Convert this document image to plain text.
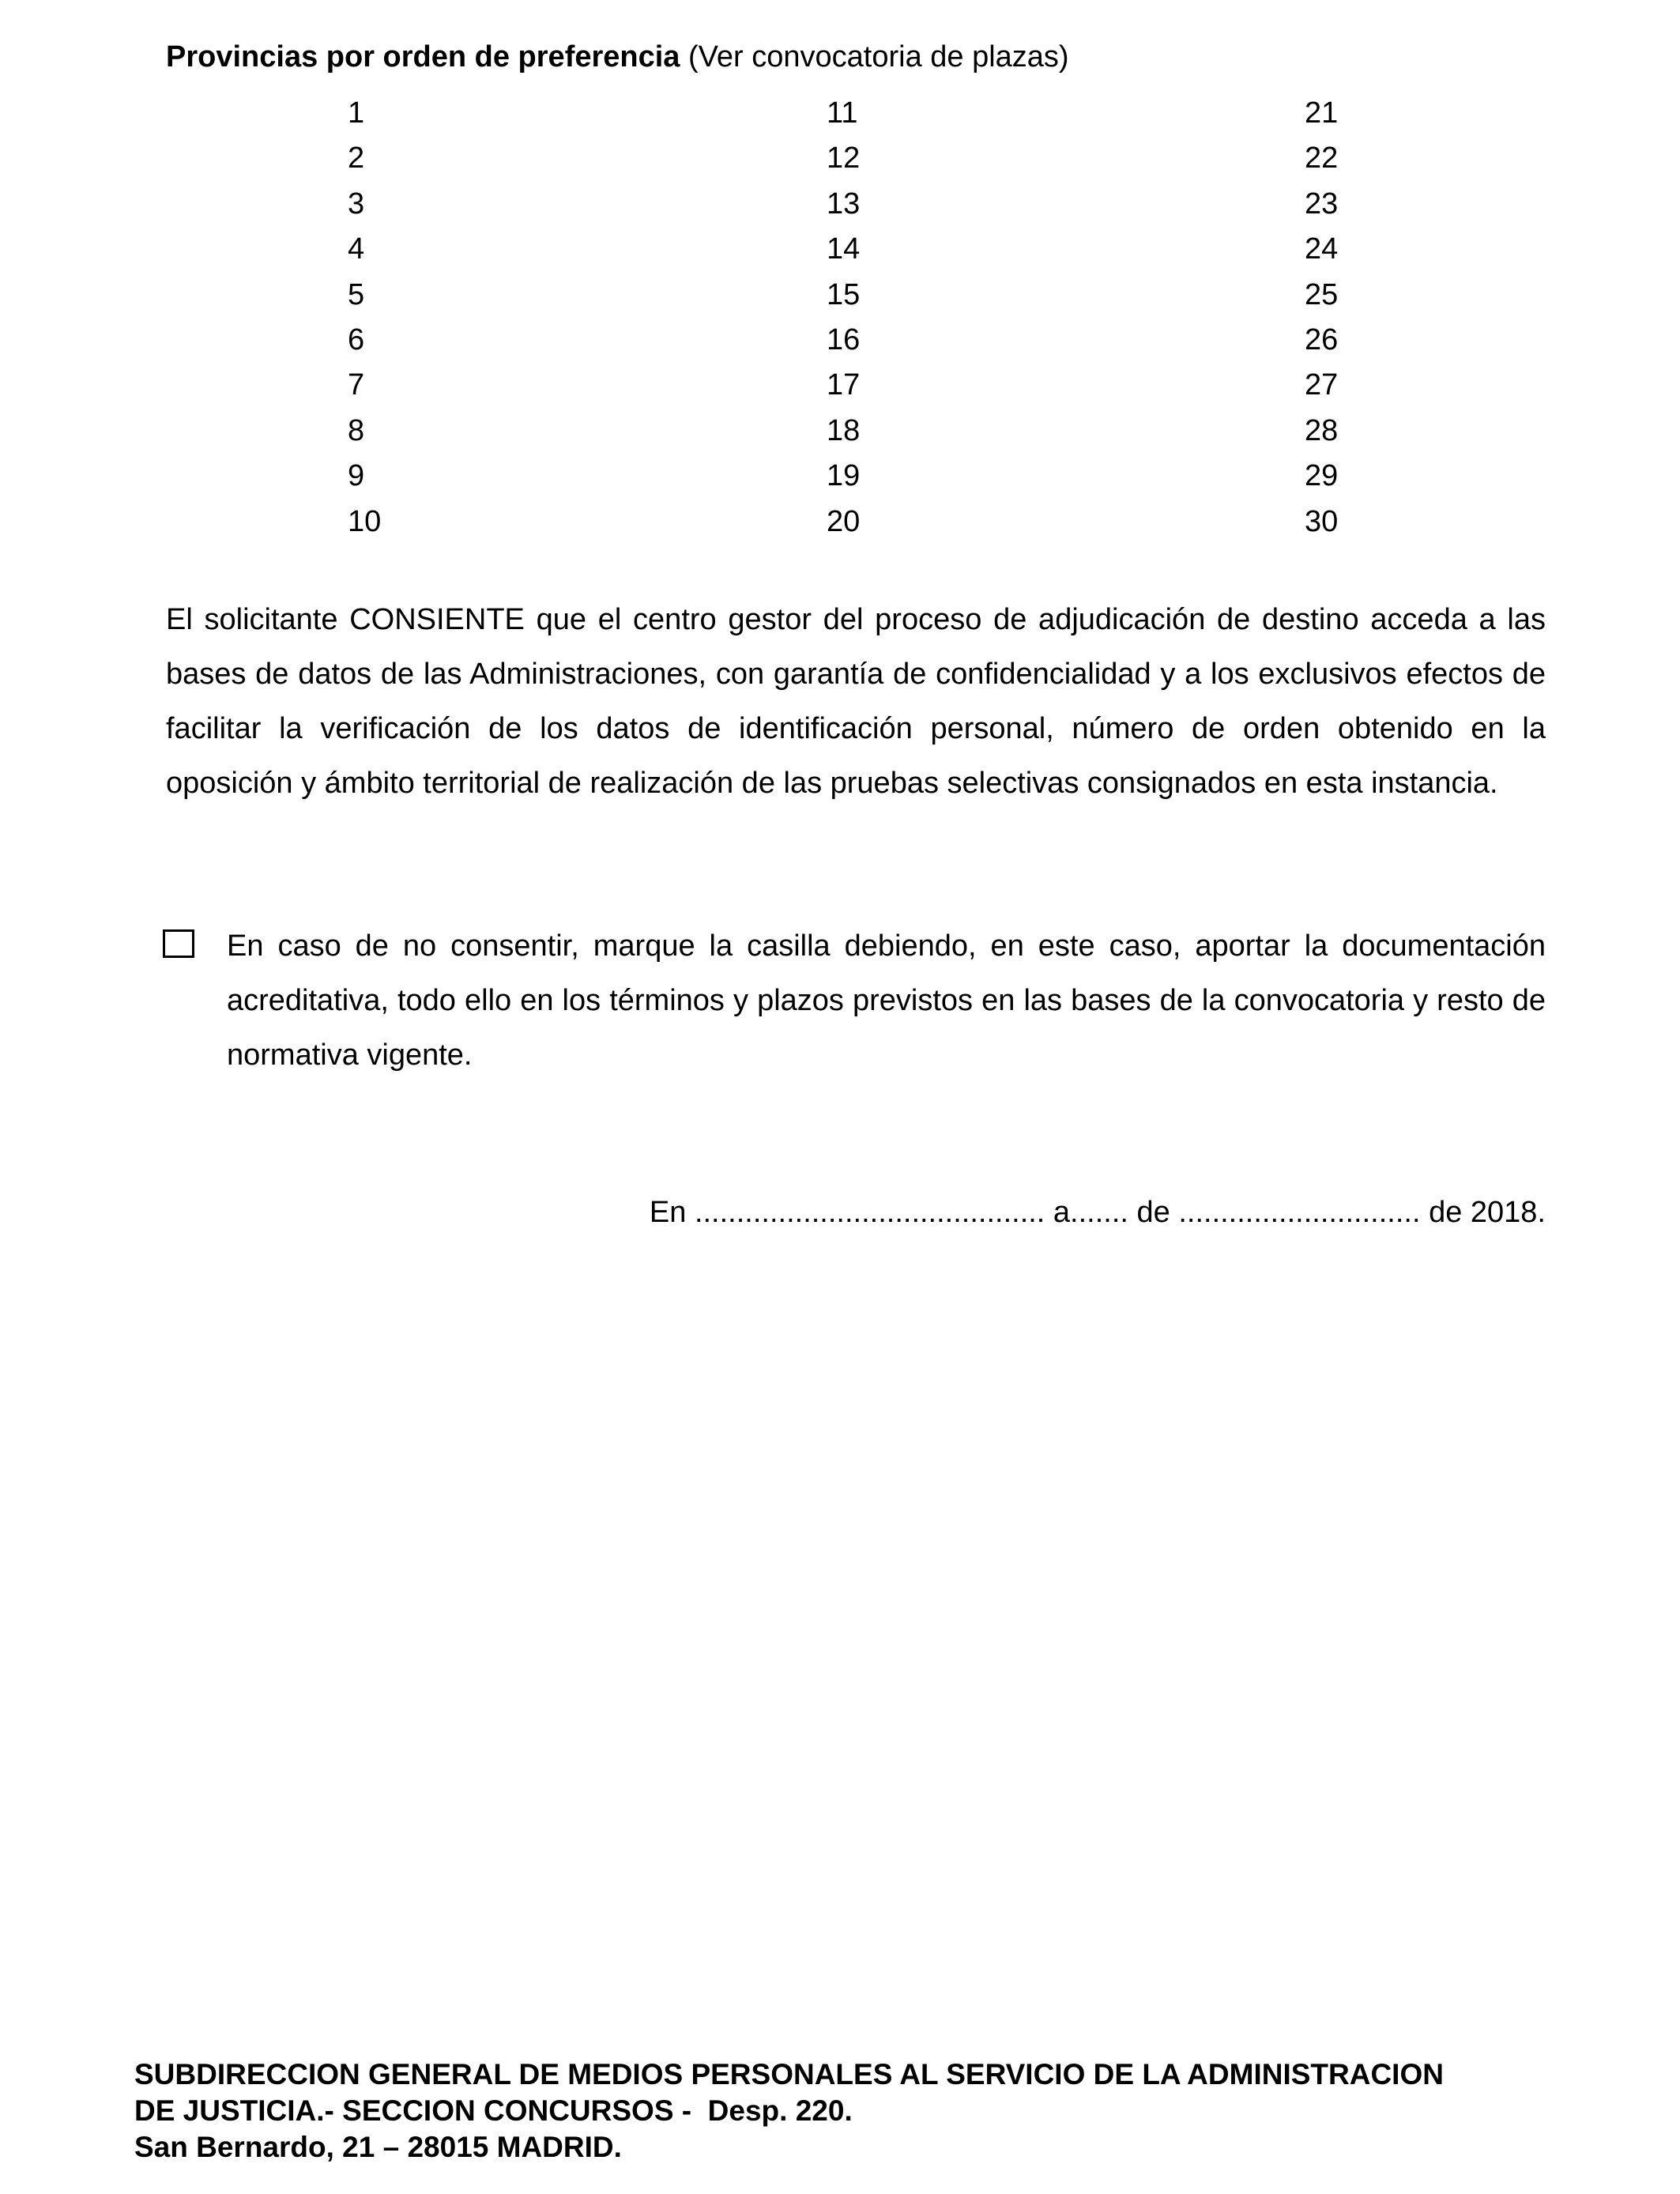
Provincias por orden de preferencia (Ver convocatoria de plazas)
1
2
3
4
5
6
7
8
9
10
11
12
13
14
15
16
17
18
19
20
21
22
23
24
25
26
27
28
29
30

El solicitante CONSIENTE que el centro gestor del proceso de adjudicación de destino acceda a las bases de datos de las Administraciones, con garantía de confidencialidad y a los exclusivos efectos de facilitar la verificación de los datos de identificación personal, número de orden obtenido en la oposición y ámbito territorial de realización de las pruebas selectivas consignados en esta instancia.

En caso de no consentir, marque la casilla debiendo, en este caso, aportar la documentación acreditativa, todo ello en los términos y plazos previstos en las bases de la convocatoria y resto de normativa vigente.

En .......................................... a....... de ............................. de 2018.
SUBDIRECCION GENERAL DE MEDIOS PERSONALES AL SERVICIO DE LA ADMINISTRACION
DE JUSTICIA.- SECCION CONCURSOS -  Desp. 220.
San Bernardo, 21 – 28015 MADRID.
